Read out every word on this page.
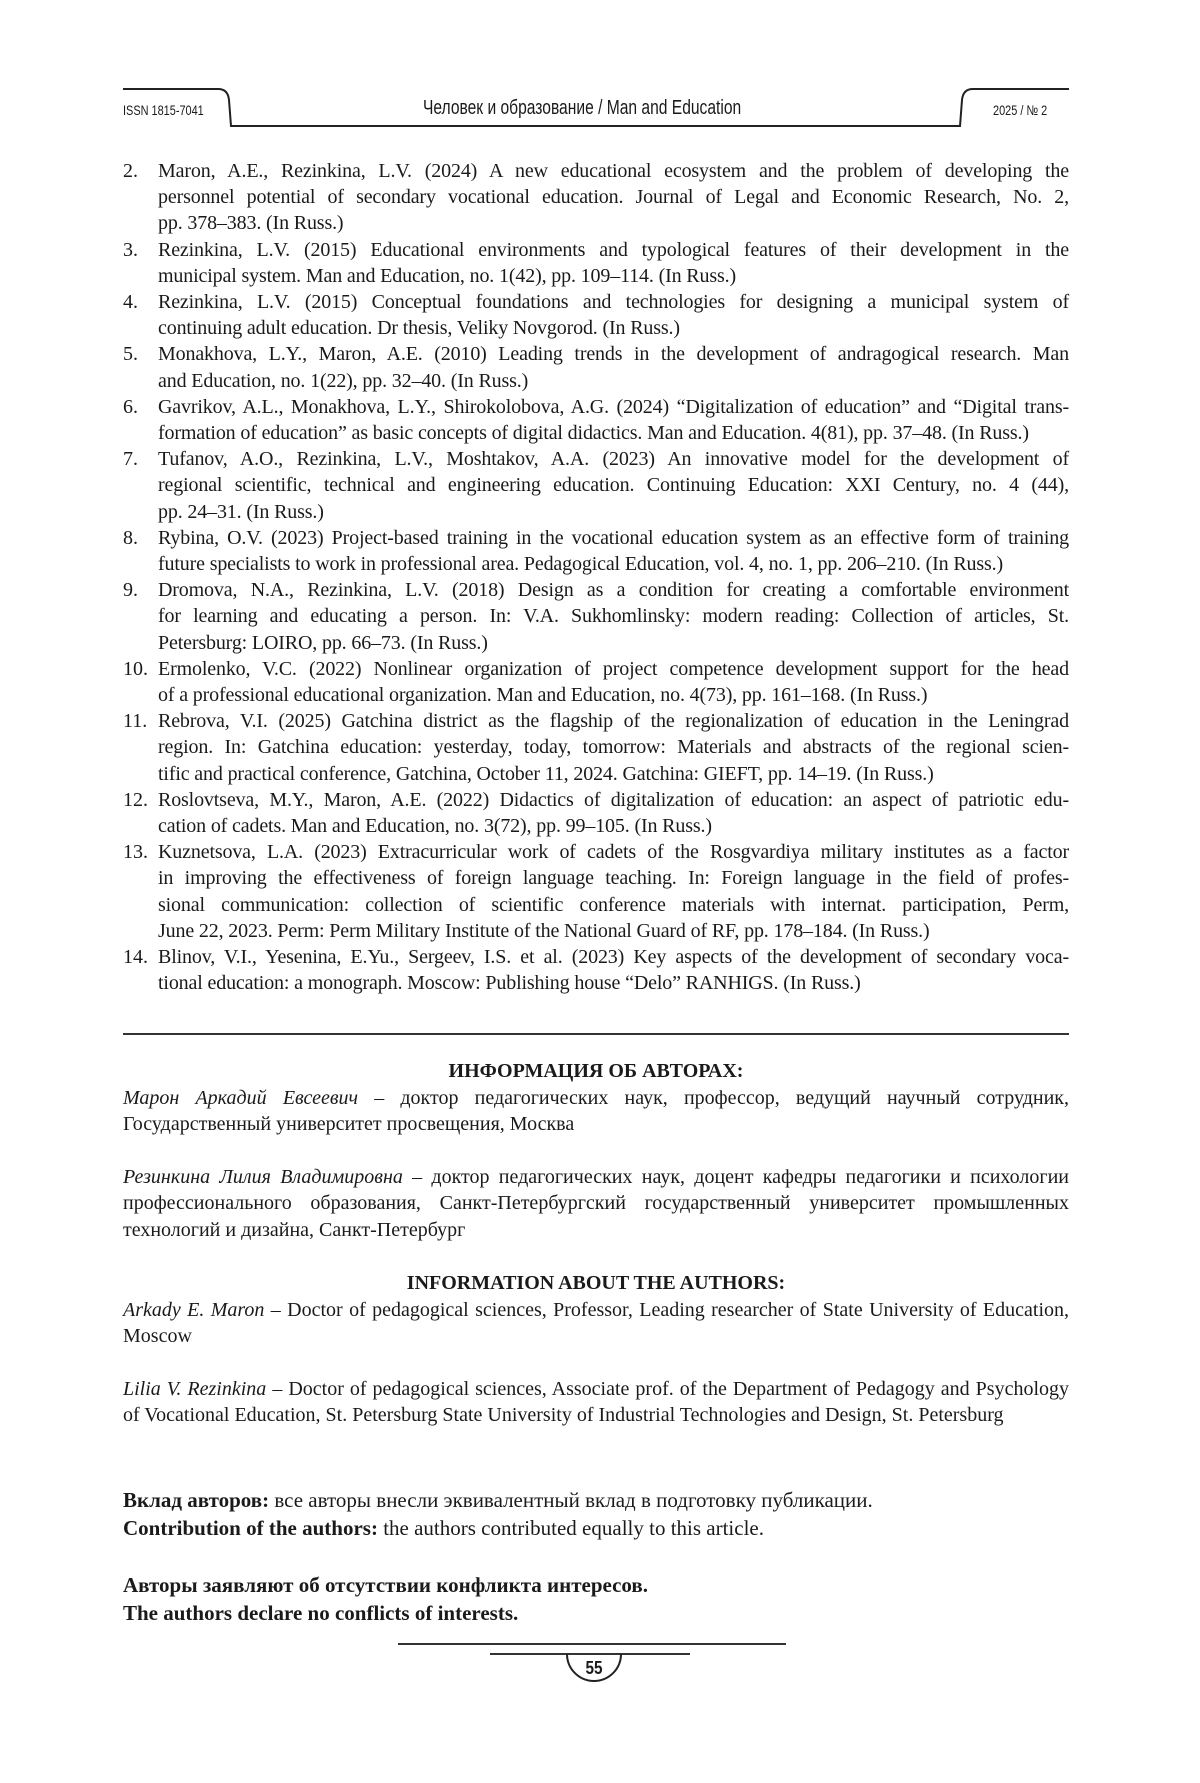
ISSN 1815-7041	Человек и образование / Man and Education	2025 / № 2
2. Maron, A.E., Rezinkina, L.V. (2024) A new educational ecosystem and the problem of developing the
personnel potential of secondary vocational education. Journal of Legal and Economic Research, No. 2,
pp. 378–383. (In Russ.)
3. Rezinkina, L.V. (2015) Educational environments and typological features of their development in the
municipal system. Man and Education, no. 1(42), pp. 109–114. (In Russ.)
4. Rezinkina, L.V. (2015) Conceptual foundations and technologies for designing a municipal system of
continuing adult education. Dr thesis, Veliky Novgorod. (In Russ.)
5. Monakhova, L.Y., Maron, A.E. (2010) Leading trends in the development of andragogical research. Man
and Education, no. 1(22), pp. 32–40. (In Russ.)
6. Gavrikov, A.L., Monakhova, L.Y., Shirokolobova, A.G. (2024) “Digitalization of education” and “Digital trans-
formation of education” as basic concepts of digital didactics. Man and Education. 4(81), pp. 37–48. (In Russ.)
7. Tufanov, A.O., Rezinkina, L.V., Moshtakov, A.A. (2023) An innovative model for the development of
regional scientific, technical and engineering education. Continuing Education: XXI Century, no. 4 (44),
pp. 24–31. (In Russ.)
8. Rybina, O.V. (2023) Project-based training in the vocational education system as an effective form of training
future specialists to work in professional area. Pedagogical Education, vol. 4, no. 1, pp. 206–210. (In Russ.)
9. Dromova, N.A., Rezinkina, L.V. (2018) Design as a condition for creating a comfortable environment
for learning and educating a person. In: V.A. Sukhomlinsky: modern reading: Collection of articles, St.
Petersburg: LOIRO, pp. 66–73. (In Russ.)
10. Ermolenko, V.C. (2022) Nonlinear organization of project competence development support for the head
of a professional educational organization. Man and Education, no. 4(73), pp. 161–168. (In Russ.)
11. Rebrova, V.I. (2025) Gatchina district as the flagship of the regionalization of education in the Leningrad
region. In: Gatchina education: yesterday, today, tomorrow: Materials and abstracts of the regional scien-
tific and practical conference, Gatchina, October 11, 2024. Gatchina: GIEFT, pp. 14–19. (In Russ.)
12. Roslovtseva, M.Y., Maron, A.E. (2022) Didactics of digitalization of education: an aspect of patriotic edu-
cation of cadets. Man and Education, no. 3(72), pp. 99–105. (In Russ.)
13. Kuznetsova, L.A. (2023) Extracurricular work of cadets of the Rosgvardiya military institutes as a factor
in improving the effectiveness of foreign language teaching. In: Foreign language in the field of profes-
sional communication: collection of scientific conference materials with internat. participation, Perm,
June 22, 2023. Perm: Perm Military Institute of the National Guard of RF, pp. 178–184. (In Russ.)
14. Blinov, V.I., Yesenina, E.Yu., Sergeev, I.S. et al. (2023) Key aspects of the development of secondary voca-
tional education: a monograph. Moscow: Publishing house “Delo” RANHIGS. (In Russ.)
ИНФОРМАЦИЯ ОБ АВТОРАХ:

Марон Аркадий Евсеевич – доктор педагогических наук, профессор, ведущий научный сотрудник, Государственный университет просвещения, Москва

Резинкина Лилия Владимировна – доктор педагогических наук, доцент кафедры педагогики и психологии профессионального образования, Санкт-Петербургский государственный университет промышленных технологий и дизайна, Санкт-Петербург

INFORMATION ABOUT THE AUTHORS:

Arkady E. Maron – Doctor of pedagogical sciences, Professor, Leading researcher of State University of Education, Moscow

Lilia V. Rezinkina – Doctor of pedagogical sciences, Associate prof. of the Department of Pedagogy and Psychology of Vocational Education, St. Petersburg State University of Industrial Technologies and Design, St. Petersburg

Вклад авторов: все авторы внесли эквивалентный вклад в подготовку публикации.
Contribution of the authors: the authors contributed equally to this article.
Авторы заявляют об отсутствии конфликта интересов.
The authors declare no conflicts of interests.
55
